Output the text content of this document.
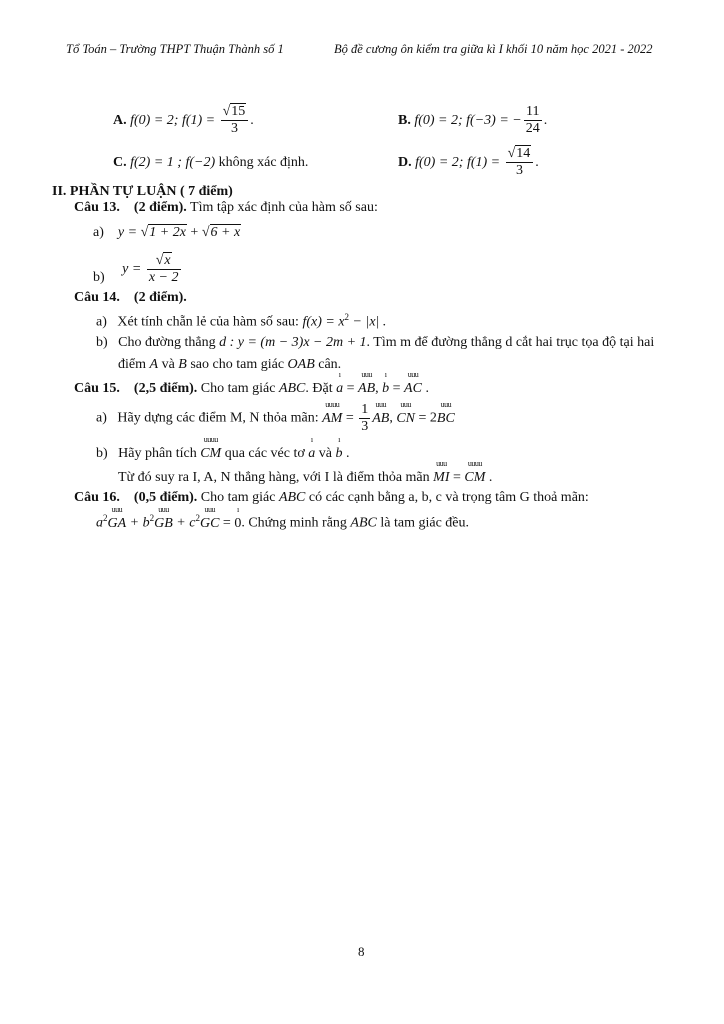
Tổ Toán – Trường THPT Thuận Thành số 1	Bộ đề cương ôn kiểm tra giữa kì I khối 10 năm học 2021 - 2022
A. f(0) = 2; $f(1) = \frac{√15}{3}$ .	B. f(0) = 2; f(−3) = − $\frac{11}{24}$ .
C. f(2) = 1 ; f(−2) không xác định.	D. f(0) = 2; $f(1) = \frac{√14}{3}$ .
II. PHẦN TỰ LUẬN ( 7 điểm)
Câu 13. (2 điểm). Tìm tập xác định của hàm số sau:
a) y = √1 + 2x + √6 + x
b)     $y = \frac{√x}{x - 2}$
Câu 14. (2 điểm).
a) Xét tính chẵn lẻ của hàm số sau: $f(x) = x^2 - |x|$ .
b) Cho đường thẳng d : y = (m − 3)x − 2m + 1. Tìm m để đường thẳng d cắt hai trục tọa độ tại hai
điểm A và B sao cho tam giác OAB cân.
Câu 15. (2,5 điểm). Cho tam giác ABC. Đặt
ı
a =
uuu
AB,
ı
b =
uuu
AC .
a) Hãy dựng các điểm M, N thỏa mãn:
uuuu
AM = $\frac{1}{3}$ uuu
AB,
uuu
CN = 2
uuu
BC
b) Hãy phân tích
uuuu
CM qua các véc tơ
ı
a và
ı
b .
Từ đó suy ra I, A, N thẳng hàng, với I là điểm thỏa mãn
uuu
MI =
uuuu
CM .
Câu 16. (0,5 điểm). Cho tam giác ABC có các cạnh bằng a, b, c và trọng tâm G thoả mãn:
$a^2$
uuu
GA + $b^2$
uuu
GB + $c^2$
uuu
GC =
ı
0. Chứng minh rằng ABC là tam giác đều.
8
